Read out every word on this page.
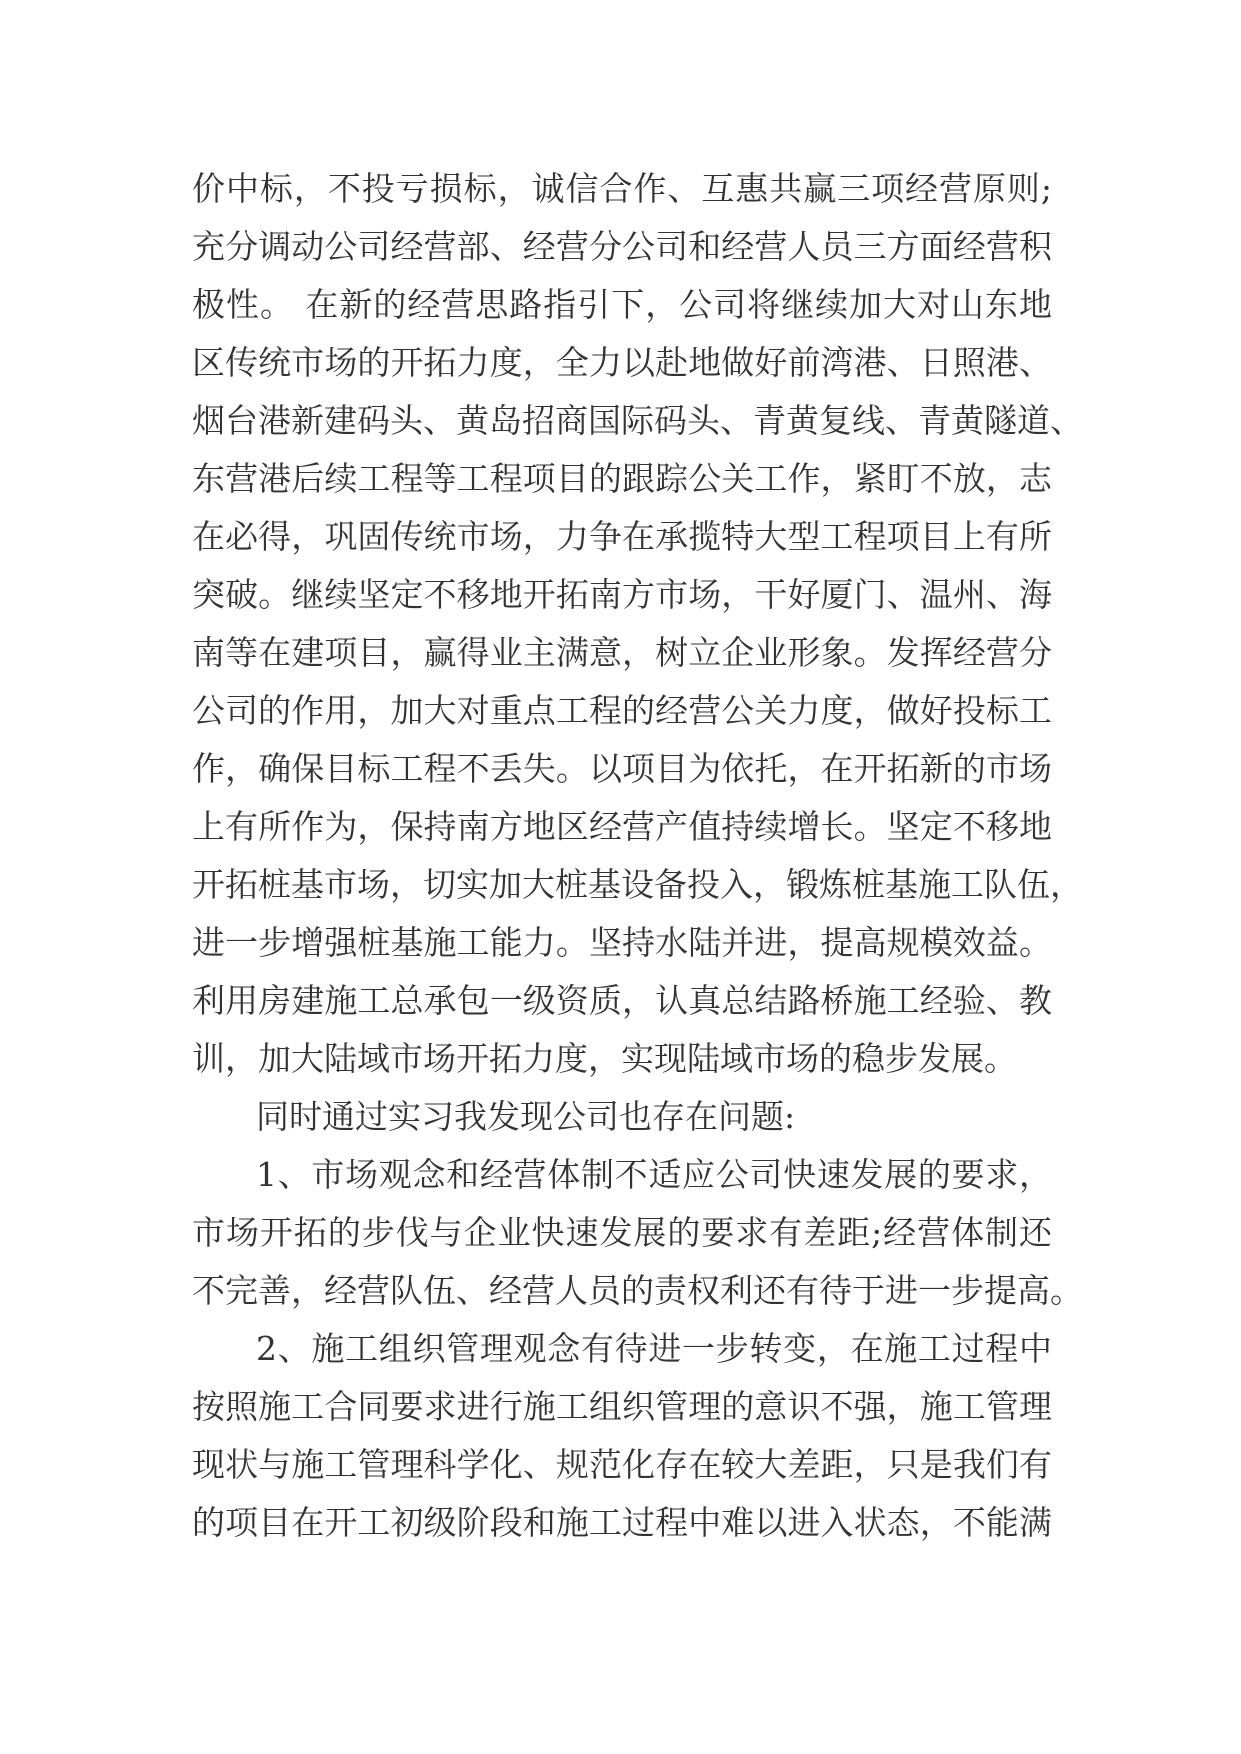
价中标，不投亏损标，诚信合作、互惠共赢三项经营原则;
充分调动公司经营部、经营分公司和经营人员三方面经营积
极性。 在新的经营思路指引下，公司将继续加大对山东地
区传统市场的开拓力度，全力以赴地做好前湾港、日照港、
烟台港新建码头、黄岛招商国际码头、青黄复线、青黄隧道、
东营港后续工程等工程项目的跟踪公关工作，紧盯不放，志
在必得，巩固传统市场，力争在承揽特大型工程项目上有所
突破。继续坚定不移地开拓南方市场，干好厦门、温州、海
南等在建项目，赢得业主满意，树立企业形象。发挥经营分
公司的作用，加大对重点工程的经营公关力度，做好投标工
作，确保目标工程不丢失。以项目为依托，在开拓新的市场
上有所作为，保持南方地区经营产值持续增长。坚定不移地
开拓桩基市场，切实加大桩基设备投入，锻炼桩基施工队伍，
进一步增强桩基施工能力。坚持水陆并进，提高规模效益。
利用房建施工总承包一级资质，认真总结路桥施工经验、教
训，加大陆域市场开拓力度，实现陆域市场的稳步发展。
同时通过实习我发现公司也存在问题:
1、市场观念和经营体制不适应公司快速发展的要求，
市场开拓的步伐与企业快速发展的要求有差距;经营体制还
不完善，经营队伍、经营人员的责权利还有待于进一步提高。
2、施工组织管理观念有待进一步转变，在施工过程中
按照施工合同要求进行施工组织管理的意识不强，施工管理
现状与施工管理科学化、规范化存在较大差距，只是我们有
的项目在开工初级阶段和施工过程中难以进入状态，不能满
